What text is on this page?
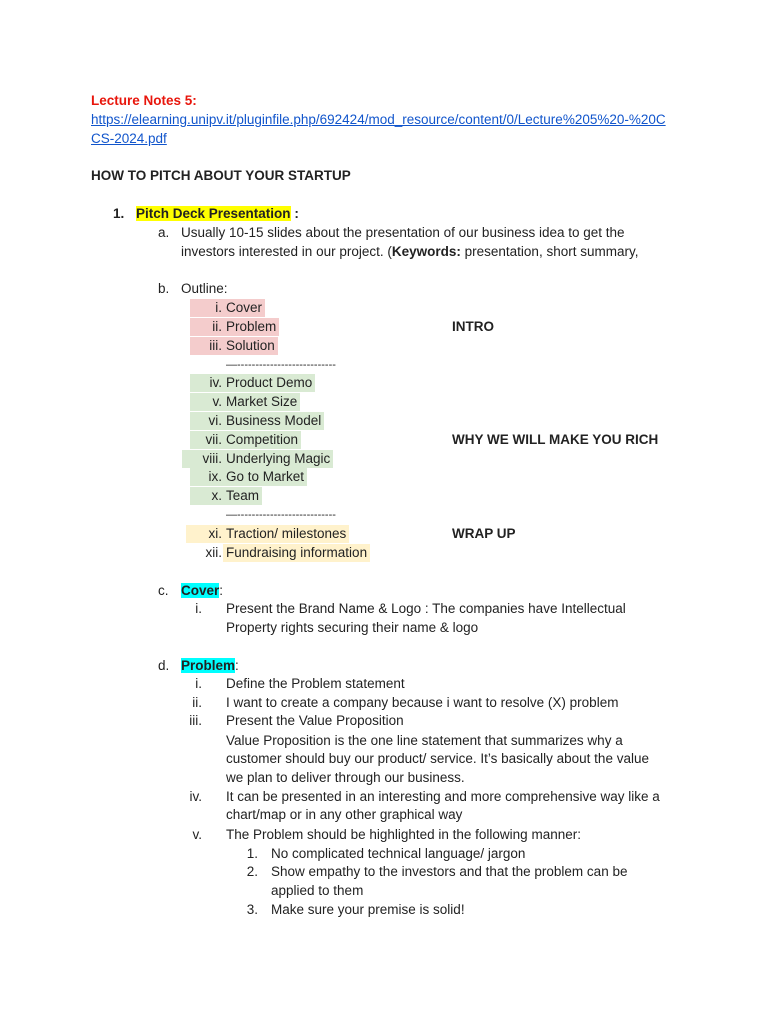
Lecture Notes 5:
https://elearning.unipv.it/pluginfile.php/692424/mod_resource/content/0/Lecture%205%20-%20C
CS-2024.pdf
HOW TO PITCH ABOUT YOUR STARTUP
1. Pitch Deck Presentation :
a. Usually 10-15 slides about the presentation of our business idea to get the
investors interested in our project. (Keywords: presentation, short summary,
b. Outline:
i. Cover
ii. Problem
iii. Solution
INTRO
—---------------------------
iv. Product Demo
v. Market Size
vi. Business Model
vii. Competition
viii. Underlying Magic
ix. Go to Market
x. Team
WHY WE WILL MAKE YOU RICH
—---------------------------
xi. Traction/ milestones
xii. Fundraising information
WRAP UP
c. Cover:
i. Present the Brand Name & Logo : The companies have Intellectual
Property rights securing their name & logo
d. Problem:
i. Define the Problem statement
ii. I want to create a company because i want to resolve (X) problem
iii. Present the Value Proposition
Value Proposition is the one line statement that summarizes why a
customer should buy our product/ service. It’s basically about the value
we plan to deliver through our business.
iv. It can be presented in an interesting and more comprehensive way like a
chart/map or in any other graphical way
v. The Problem should be highlighted in the following manner:
1. No complicated technical language/ jargon
2. Show empathy to the investors and that the problem can be
applied to them
3. Make sure your premise is solid!
